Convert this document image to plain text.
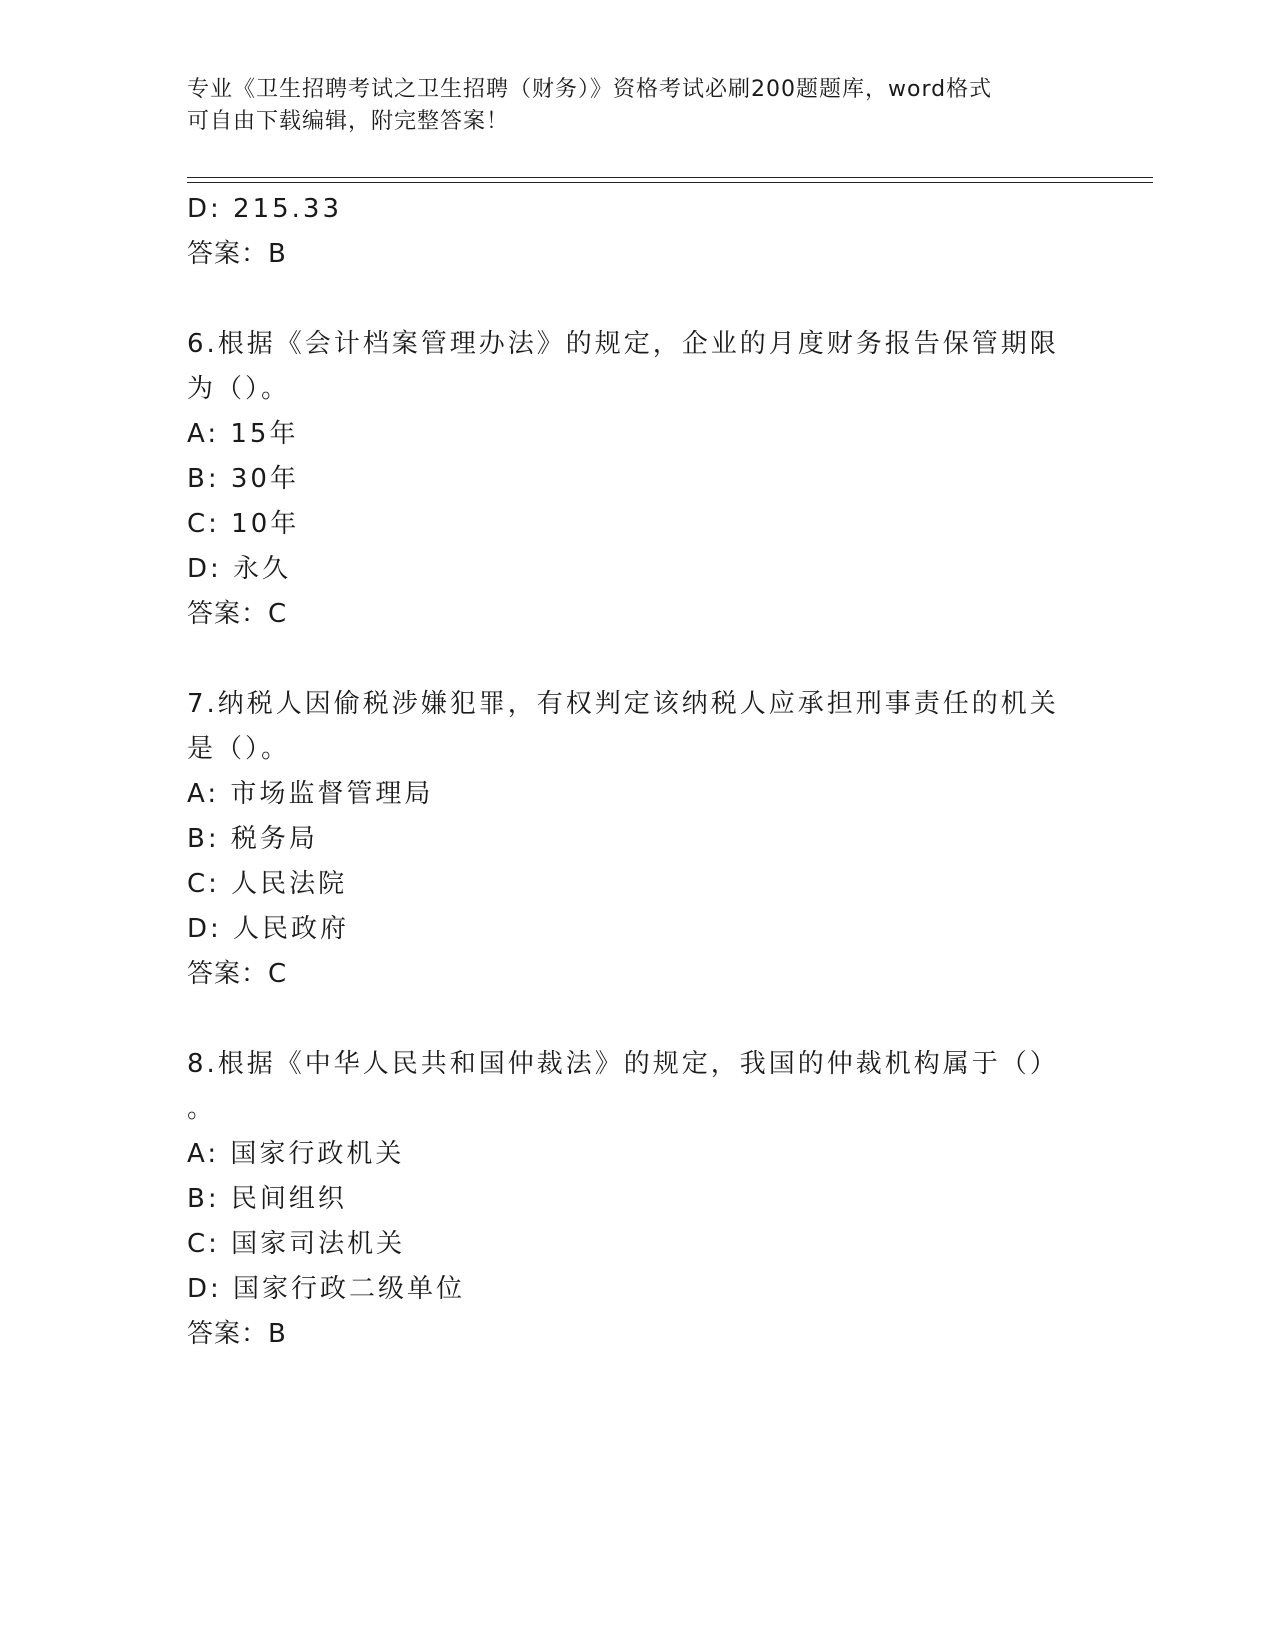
专业《卫生招聘考试之卫生招聘（财务）》资格考试必刷200题题库，word格式
可自由下载编辑，附完整答案！
D: 215.33
答案：B
6.根据《会计档案管理办法》的规定，企业的月度财务报告保管期限
为（）。
A: 15年
B: 30年
C: 10年
D: 永久
答案：C
7.纳税人因偷税涉嫌犯罪，有权判定该纳税人应承担刑事责任的机关
是（）。
A: 市场监督管理局
B: 税务局
C: 人民法院
D: 人民政府
答案：C
8.根据《中华人民共和国仲裁法》的规定，我国的仲裁机构属于（）
。
A: 国家行政机关
B: 民间组织
C: 国家司法机关
D: 国家行政二级单位
答案：B
